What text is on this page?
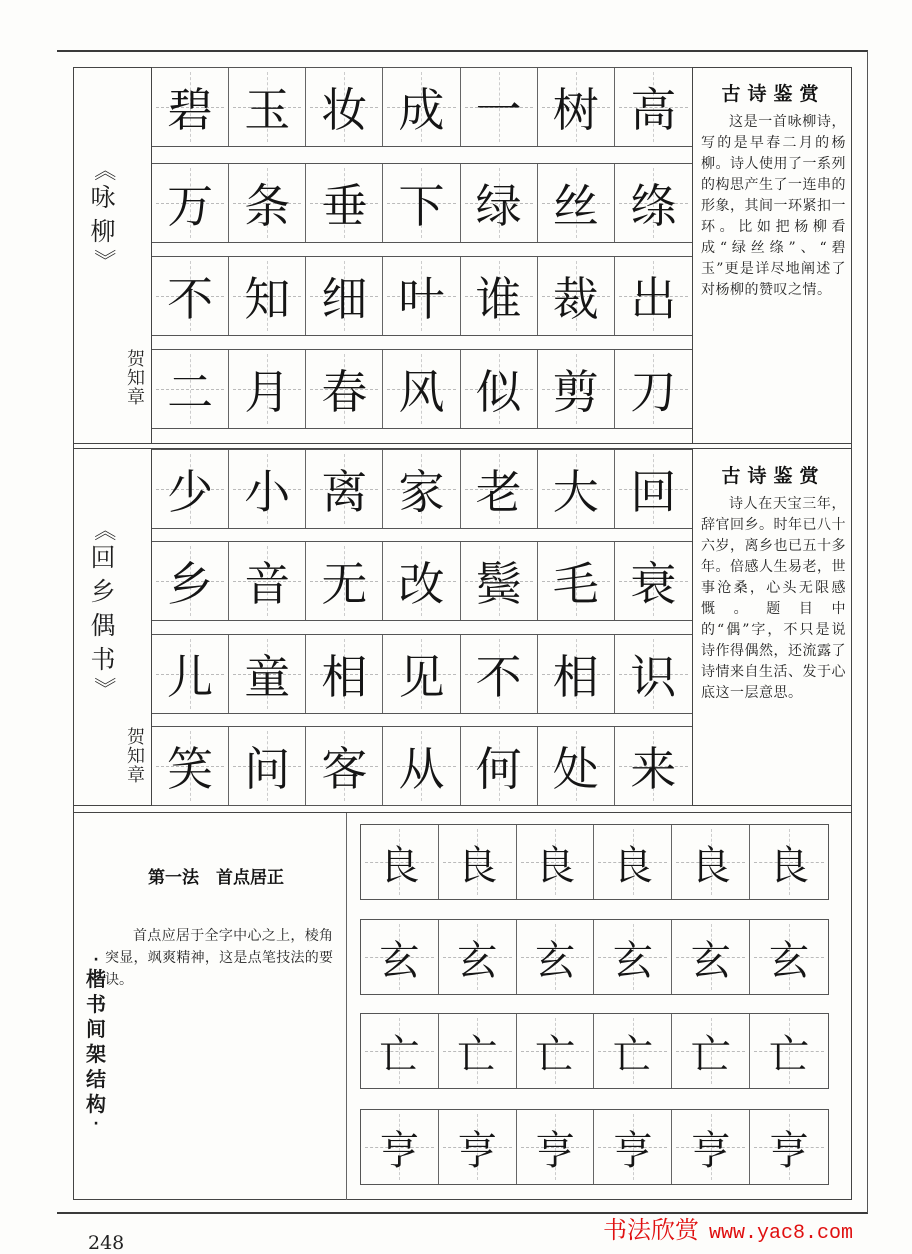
《
咏
柳
》
贺知章
碧 玉 妆 成 一 树 高
万 条 垂 下 绿 丝 绦
不 知 细 叶 谁 裁 出
二 月 春 风 似 剪 刀
古诗鉴赏
这是一首咏柳诗，写的是早春二月的杨柳。诗人使用了一系列的构思产生了一连串的形象，其间一环紧扣一环。比如把杨柳看成“绿丝绦”、“碧玉”更是详尽地阐述了对杨柳的赞叹之情。
《
回
乡
偶
书
》
贺知章
少 小 离 家 老 大 回
乡 音 无 改 鬓 毛 衰
儿 童 相 见 不 相 识
笑 问 客 从 何 处 来
古诗鉴赏
诗人在天宝三年，辞官回乡。时年已八十六岁，离乡也已五十多年。倍感人生易老，世事沧桑，心头无限感慨。题目中的“偶”字，不只是说诗作得偶然，还流露了诗情来自生活、发于心底这一层意思。
第一法　首点居正
首点应居于全字中心之上，棱角突显，飒爽精神，这是点笔技法的要诀。
·
楷
书
间
架
结
构
·
良 良 良 良 良 良
玄 玄 玄 玄 玄 玄
亡 亡 亡 亡 亡 亡
亨 亨 亨 亨 亨 亨
248	书法欣赏 www.yac8.com
